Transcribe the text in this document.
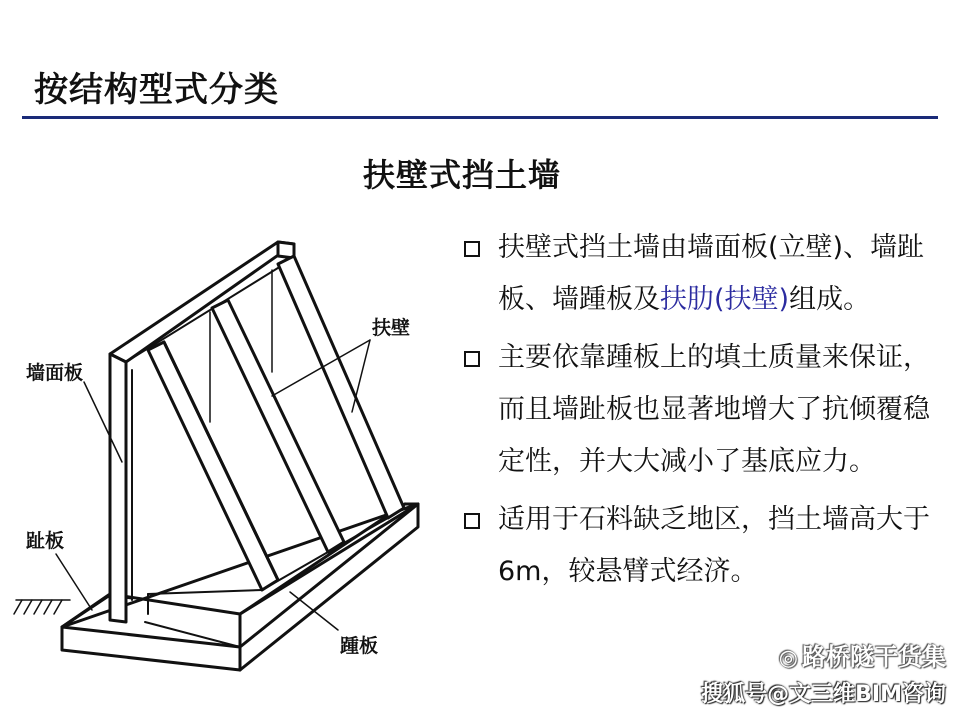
按结构型式分类
扶壁式挡土墙
墙面板
趾板
扶壁
踵板
扶壁式挡土墙由墙面板(立壁)、墙趾板、墙踵板及扶肋(扶壁)组成。
主要依靠踵板上的填土质量来保证，而且墙趾板也显著地增大了抗倾覆稳定性，并大大减小了基底应力。
适用于石料缺乏地区，挡土墙高大于6m，较悬臂式经济。
◎ 路桥隧干货集
搜狐号@文三维BIM咨询
